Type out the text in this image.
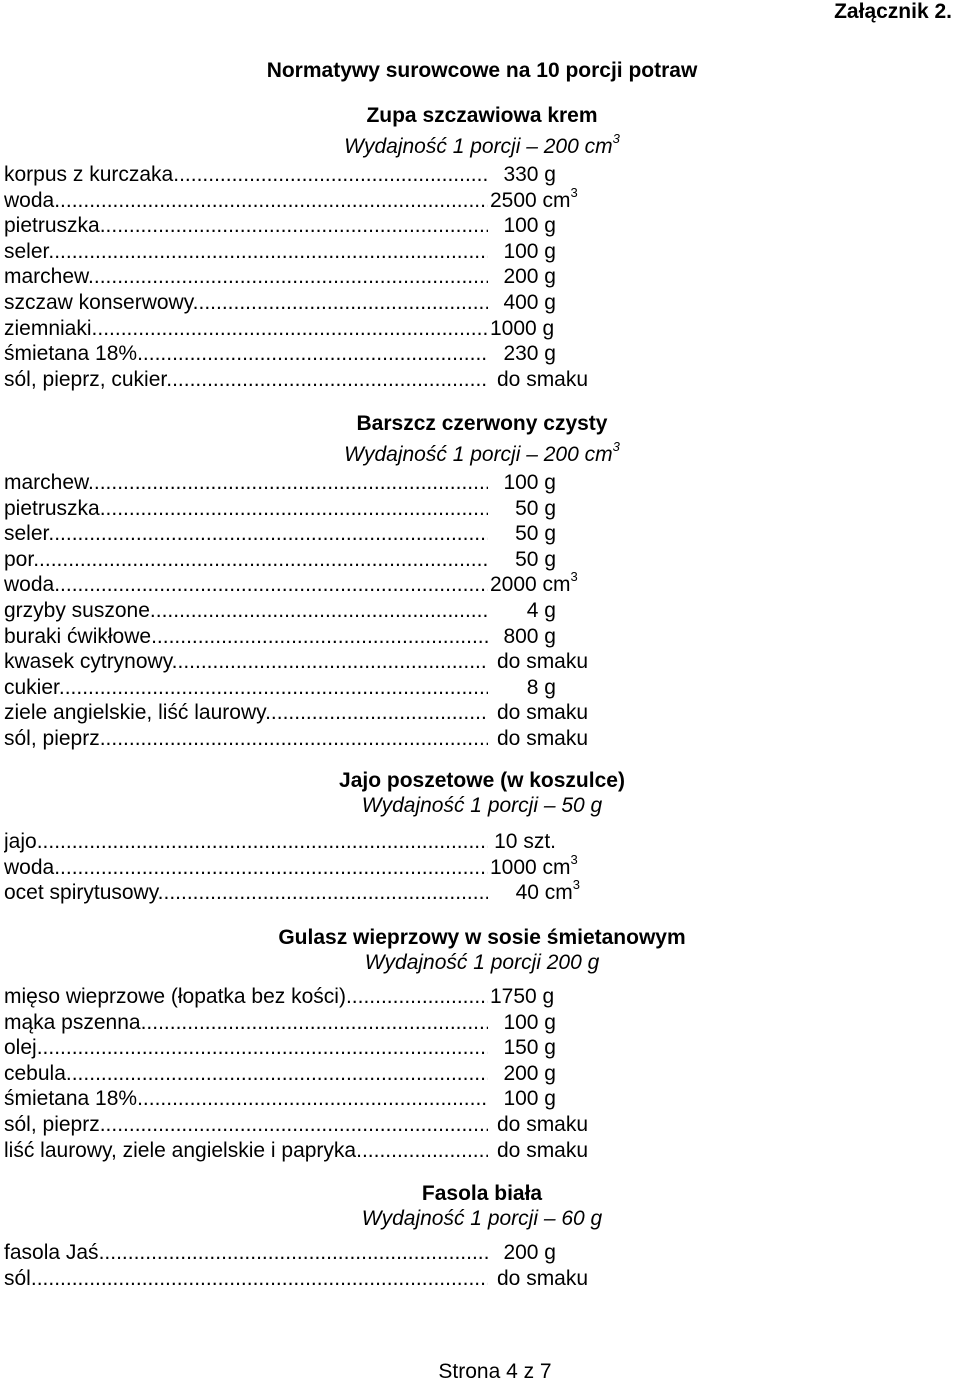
Załącznik 2.
Normatywy surowcowe na 10 porcji potraw
Zupa szczawiowa krem
Wydajność 1 porcji – 200 $cm^3$
korpus z kurczaka .....	330 g
woda .....	2500 $cm^3$
pietruszka .....	100 g
seler .....	100 g
marchew .....	200 g
szczaw konserwowy .....	400 g
ziemniaki .....	1000 g
śmietana 18% .....	230 g
sól, pieprz, cukier .....	do smaku
Barszcz czerwony czysty
Wydajność 1 porcji – 200 $cm^3$
marchew .....	100 g
pietruszka .....	50 g
seler .....	50 g
por .....	50 g
woda .....	2000 $cm^3$
grzyby suszone .....	4 g
buraki ćwikłowe .....	800 g
kwasek cytrynowy .....	do smaku
cukier .....	8 g
ziele angielskie, liść laurowy .....	do smaku
sól, pieprz .....	do smaku
Jajo poszetowe (w koszulce)
Wydajność 1 porcji – 50 g
jajo .....	10 szt.
woda .....	1000 $cm^3$
ocet spirytusowy .....	40 $cm^3$
Gulasz wieprzowy w sosie śmietanowym
Wydajność 1 porcji 200 g
mięso wieprzowe (łopatka bez kości) .....	1750 g
mąka pszenna .....	100 g
olej .....	150 g
cebula .....	200 g
śmietana 18% .....	100 g
sól, pieprz .....	do smaku
liść laurowy, ziele angielskie i papryka .....	do smaku
Fasola biała
Wydajność 1 porcji – 60 g
fasola Jaś .....	200 g
sól .....	do smaku
Strona 4 z 7
